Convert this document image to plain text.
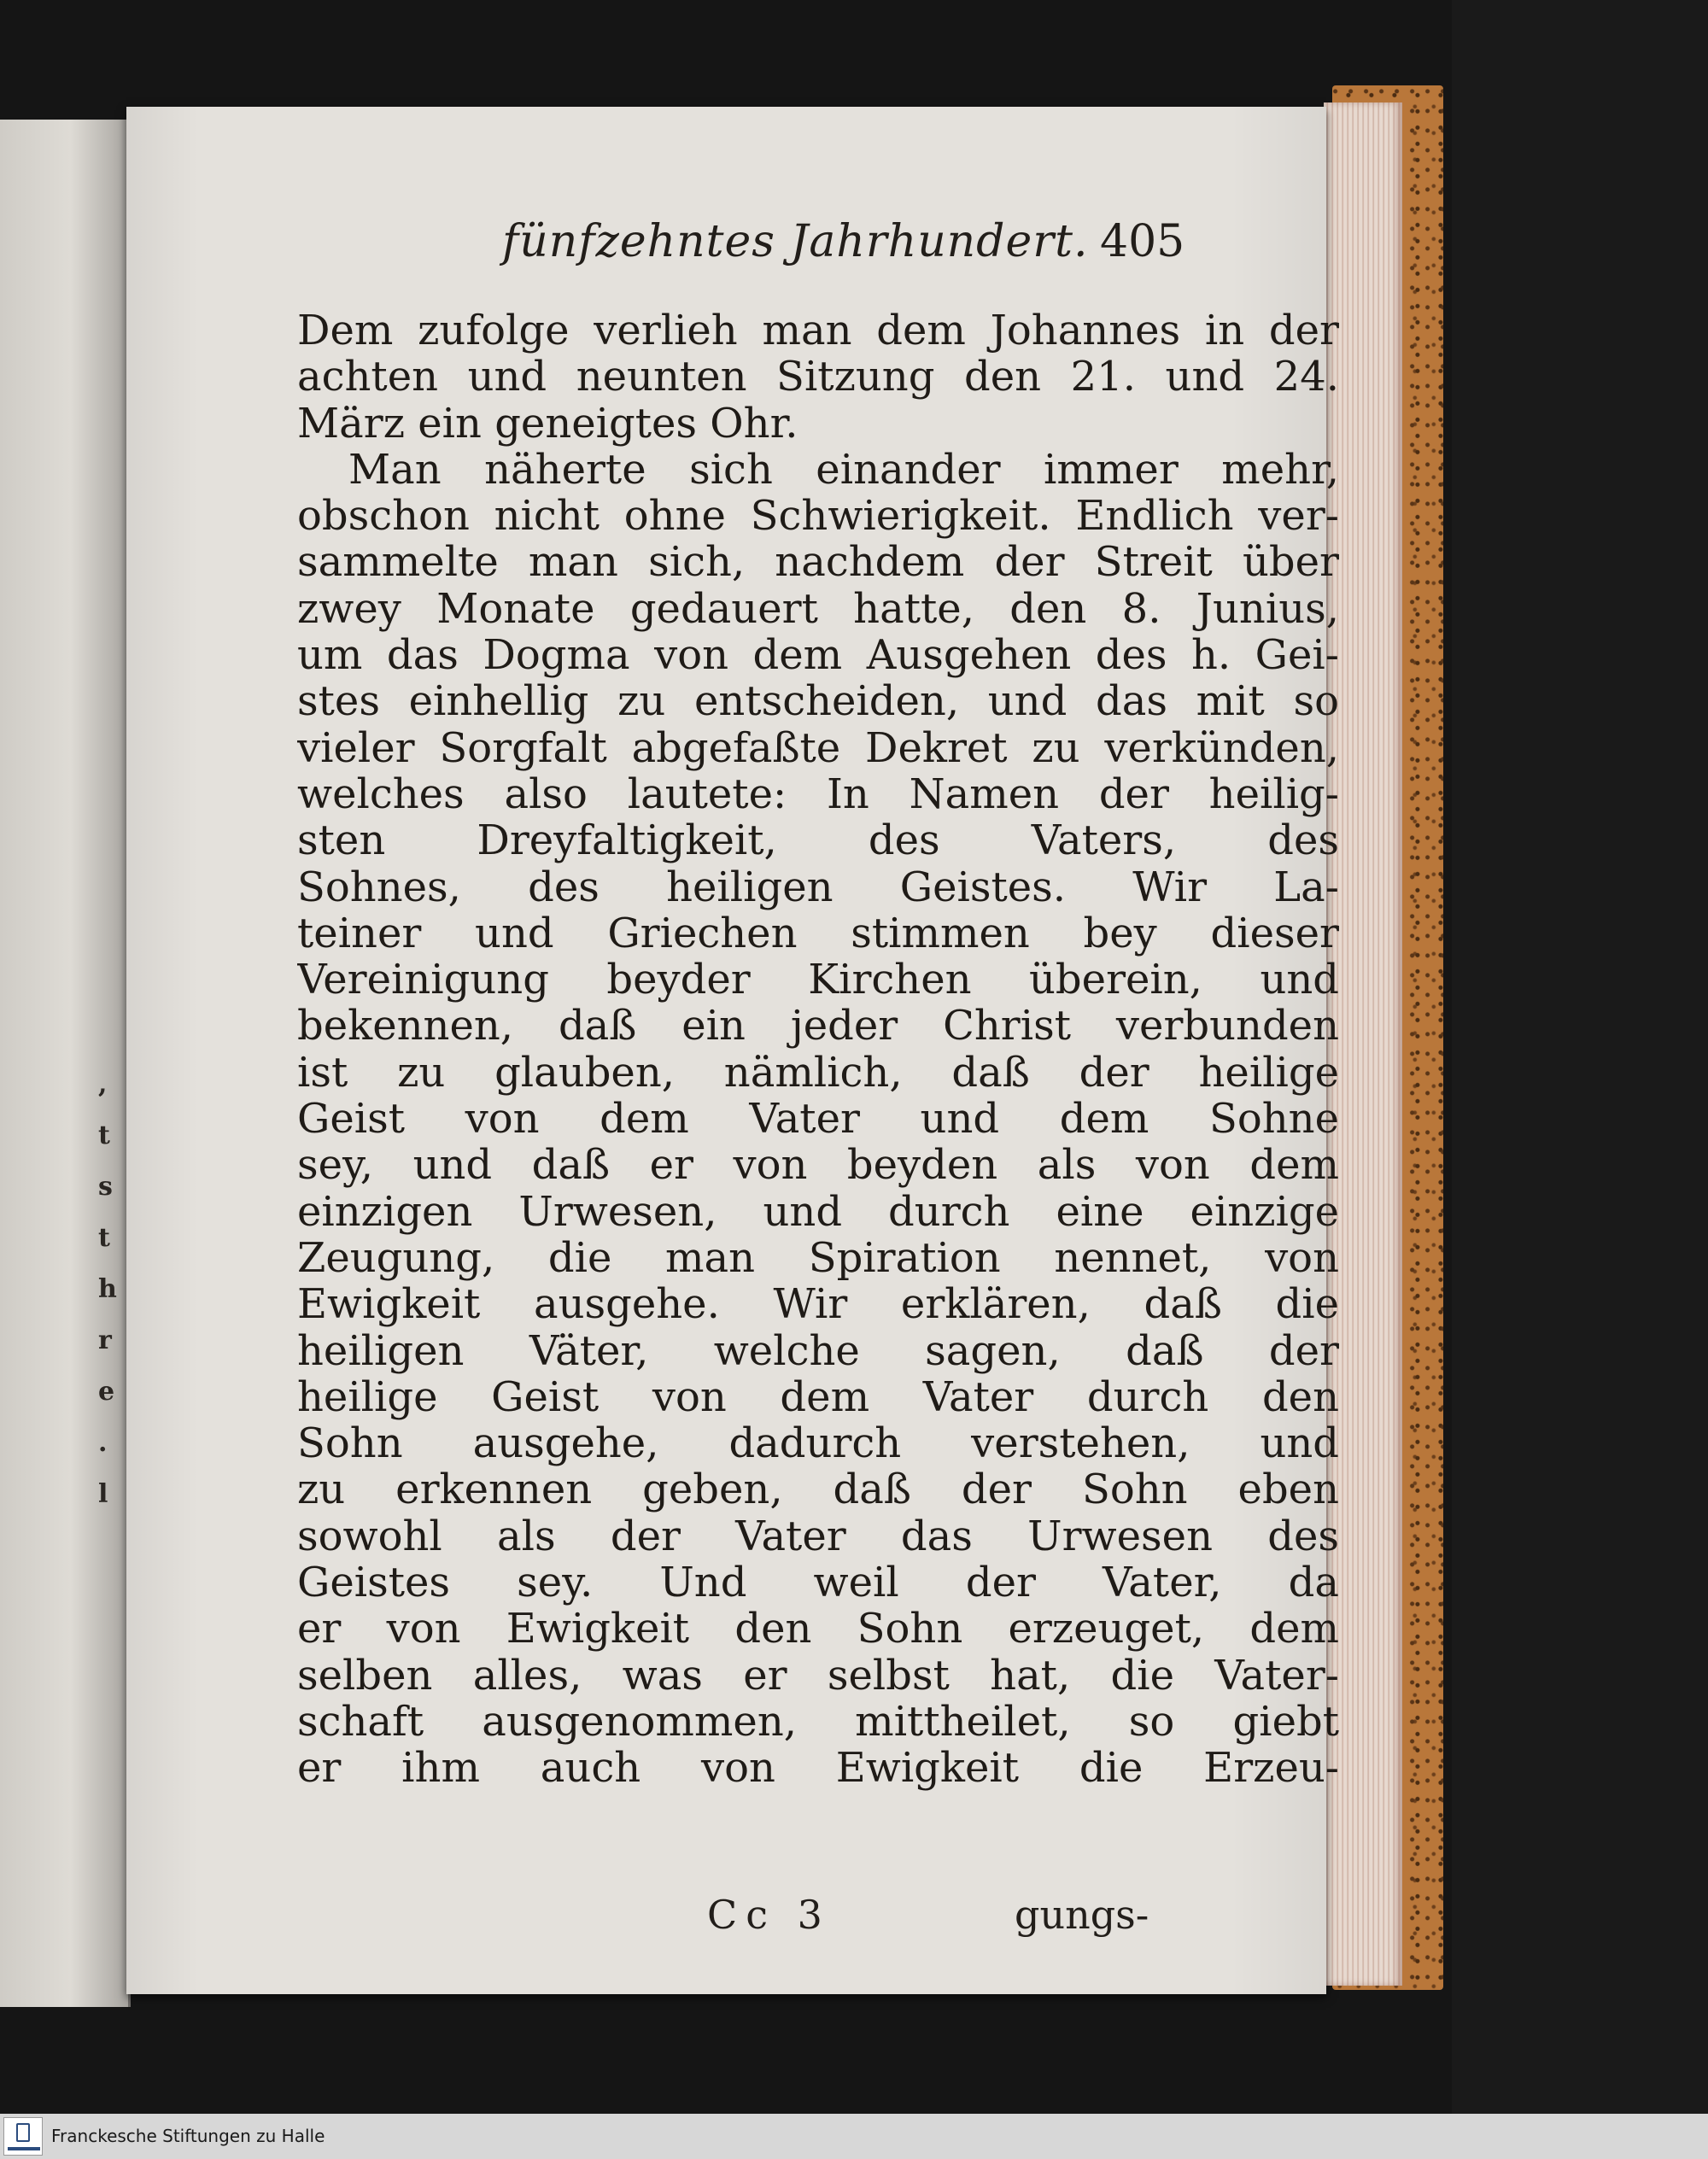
,
t
s
t
h
r
e
.
l
fünfzehntes Jahrhundert. 405
Dem zufolge verlieh man dem Johannes in der
achten und neunten Sitzung den 21. und 24.
März ein geneigtes Ohr.
Man näherte sich einander immer mehr,
obschon nicht ohne Schwierigkeit. Endlich ver-
sammelte man sich, nachdem der Streit über
zwey Monate gedauert hatte, den 8. Junius,
um das Dogma von dem Ausgehen des h. Gei-
stes einhellig zu entscheiden, und das mit so
vieler Sorgfalt abgefaßte Dekret zu verkünden,
welches also lautete: In Namen der heilig-
sten Dreyfaltigkeit, des Vaters, des
Sohnes, des heiligen Geistes. Wir La-
teiner und Griechen stimmen bey dieser
Vereinigung beyder Kirchen überein, und
bekennen, daß ein jeder Christ verbunden
ist zu glauben, nämlich, daß der heilige
Geist von dem Vater und dem Sohne
sey, und daß er von beyden als von dem
einzigen Urwesen, und durch eine einzige
Zeugung, die man Spiration nennet, von
Ewigkeit ausgehe. Wir erklären, daß die
heiligen Väter, welche sagen, daß der
heilige Geist von dem Vater durch den
Sohn ausgehe, dadurch verstehen, und
zu erkennen geben, daß der Sohn eben
sowohl als der Vater das Urwesen des
Geistes sey. Und weil der Vater, da
er von Ewigkeit den Sohn erzeuget, dem
selben alles, was er selbst hat, die Vater-
schaft ausgenommen, mittheilet, so giebt
er ihm auch von Ewigkeit die Erzeu-
Cc 3	gungs-
Franckesche Stiftungen zu Halle
